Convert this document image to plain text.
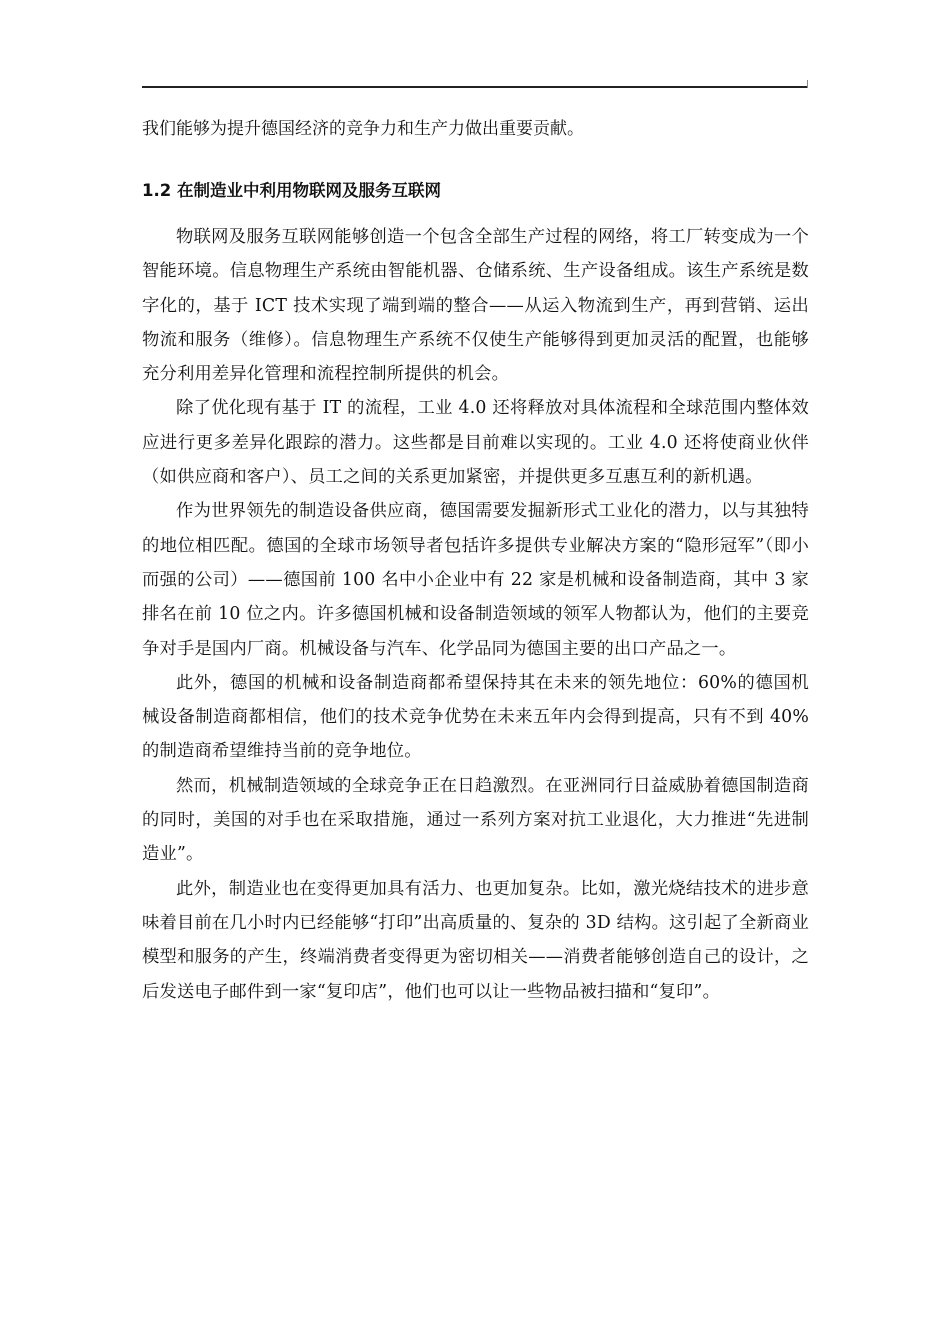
我们能够为提升德国经济的竞争力和生产力做出重要贡献。

1.2 在制造业中利用物联网及服务互联网

物联网及服务互联网能够创造一个包含全部生产过程的网络，将工厂转变成为一个智能环境。信息物理生产系统由智能机器、仓储系统、生产设备组成。该生产系统是数字化的，基于 ICT 技术实现了端到端的整合——从运入物流到生产，再到营销、运出物流和服务（维修）。信息物理生产系统不仅使生产能够得到更加灵活的配置，也能够充分利用差异化管理和流程控制所提供的机会。

除了优化现有基于 IT 的流程，工业 4.0 还将释放对具体流程和全球范围内整体效应进行更多差异化跟踪的潜力。这些都是目前难以实现的。工业 4.0 还将使商业伙伴（如供应商和客户）、员工之间的关系更加紧密，并提供更多互惠互利的新机遇。

作为世界领先的制造设备供应商，德国需要发掘新形式工业化的潜力，以与其独特的地位相匹配。德国的全球市场领导者包括许多提供专业解决方案的“隐形冠军”（即小而强的公司）——德国前 100 名中小企业中有 22 家是机械和设备制造商，其中 3 家排名在前 10 位之内。许多德国机械和设备制造领域的领军人物都认为，他们的主要竞争对手是国内厂商。机械设备与汽车、化学品同为德国主要的出口产品之一。

此外，德国的机械和设备制造商都希望保持其在未来的领先地位：60%的德国机械设备制造商都相信，他们的技术竞争优势在未来五年内会得到提高，只有不到 40%的制造商希望维持当前的竞争地位。

然而，机械制造领域的全球竞争正在日趋激烈。在亚洲同行日益威胁着德国制造商的同时，美国的对手也在采取措施，通过一系列方案对抗工业退化，大力推进“先进制造业”。

此外，制造业也在变得更加具有活力、也更加复杂。比如，激光烧结技术的进步意味着目前在几小时内已经能够“打印”出高质量的、复杂的 3D 结构。这引起了全新商业模型和服务的产生，终端消费者变得更为密切相关——消费者能够创造自己的设计，之后发送电子邮件到一家“复印店”，他们也可以让一些物品被扫描和“复印”。
